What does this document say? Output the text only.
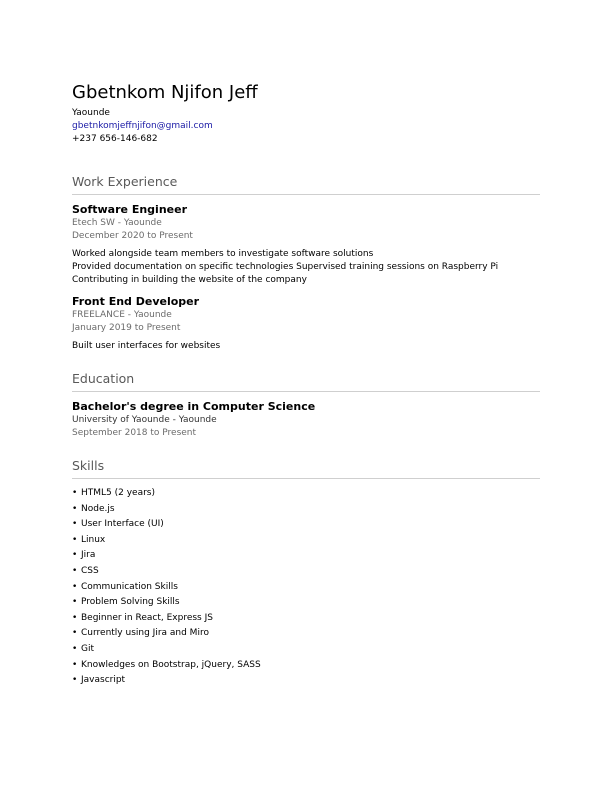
Gbetnkom Njifon Jeff
Yaounde
gbetnkomjeffnjifon@gmail.com
+237 656-146-682
Work Experience
Software Engineer
Etech SW - Yaounde
December 2020 to Present
Worked alongside team members to investigate software solutions
Provided documentation on specific technologies Supervised training sessions on Raspberry Pi
Contributing in building the website of the company
Front End Developer
FREELANCE - Yaounde
January 2019 to Present
Built user interfaces for websites
Education
Bachelor's degree in Computer Science
University of Yaounde - Yaounde
September 2018 to Present
Skills
• HTML5 (2 years)
• Node.js
• User Interface (UI)
• Linux
• Jira
• CSS
• Communication Skills
• Problem Solving Skills
• Beginner in React, Express JS
• Currently using Jira and Miro
• Git
• Knowledges on Bootstrap, jQuery, SASS
• Javascript
